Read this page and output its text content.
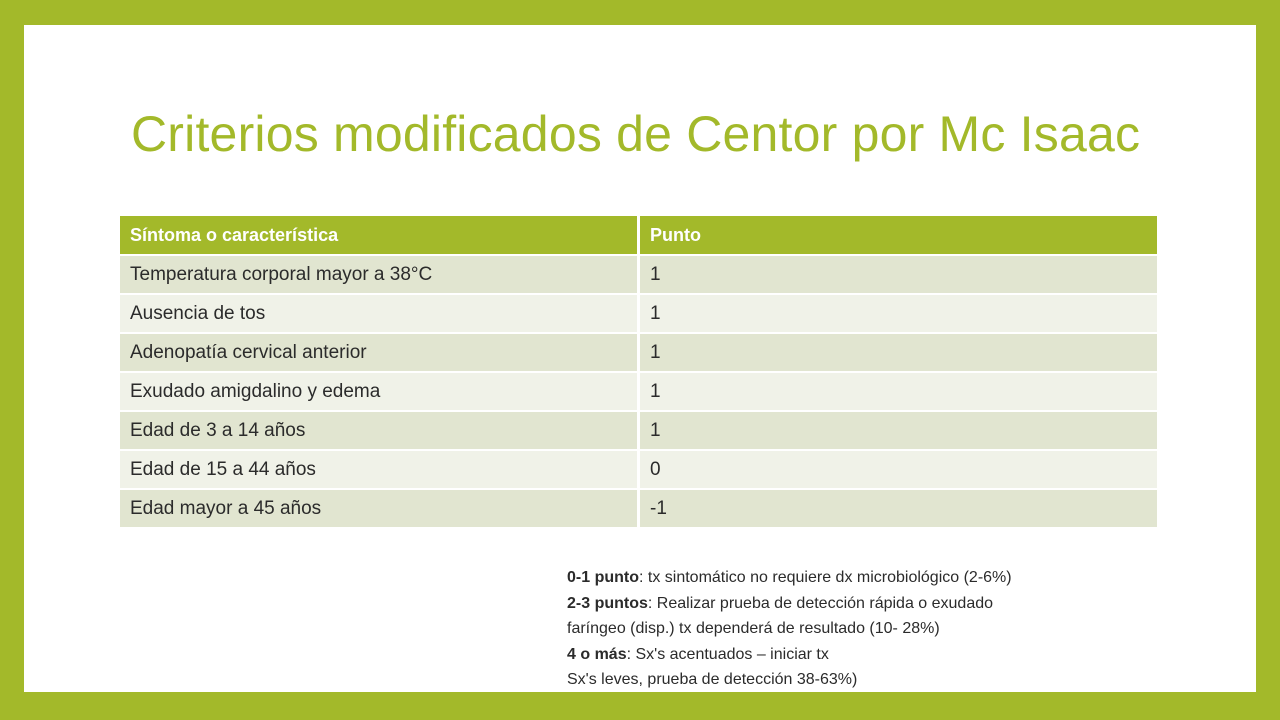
Criterios modificados de Centor por Mc Isaac
Síntoma o característica	Punto
Temperatura corporal mayor a 38°C	1
Ausencia de tos	1
Adenopatía cervical anterior	1
Exudado amigdalino y edema	1
Edad de 3 a 14 años	1
Edad de 15 a 44 años	0
Edad mayor a 45 años	-1
0-1 punto: tx sintomático no requiere dx microbiológico (2-6%)
2-3 puntos: Realizar prueba de detección rápida o exudado
faríngeo (disp.) tx dependerá de resultado (10- 28%)
4 o más: Sx's acentuados – iniciar tx
Sx's leves, prueba de detección 38-63%)
